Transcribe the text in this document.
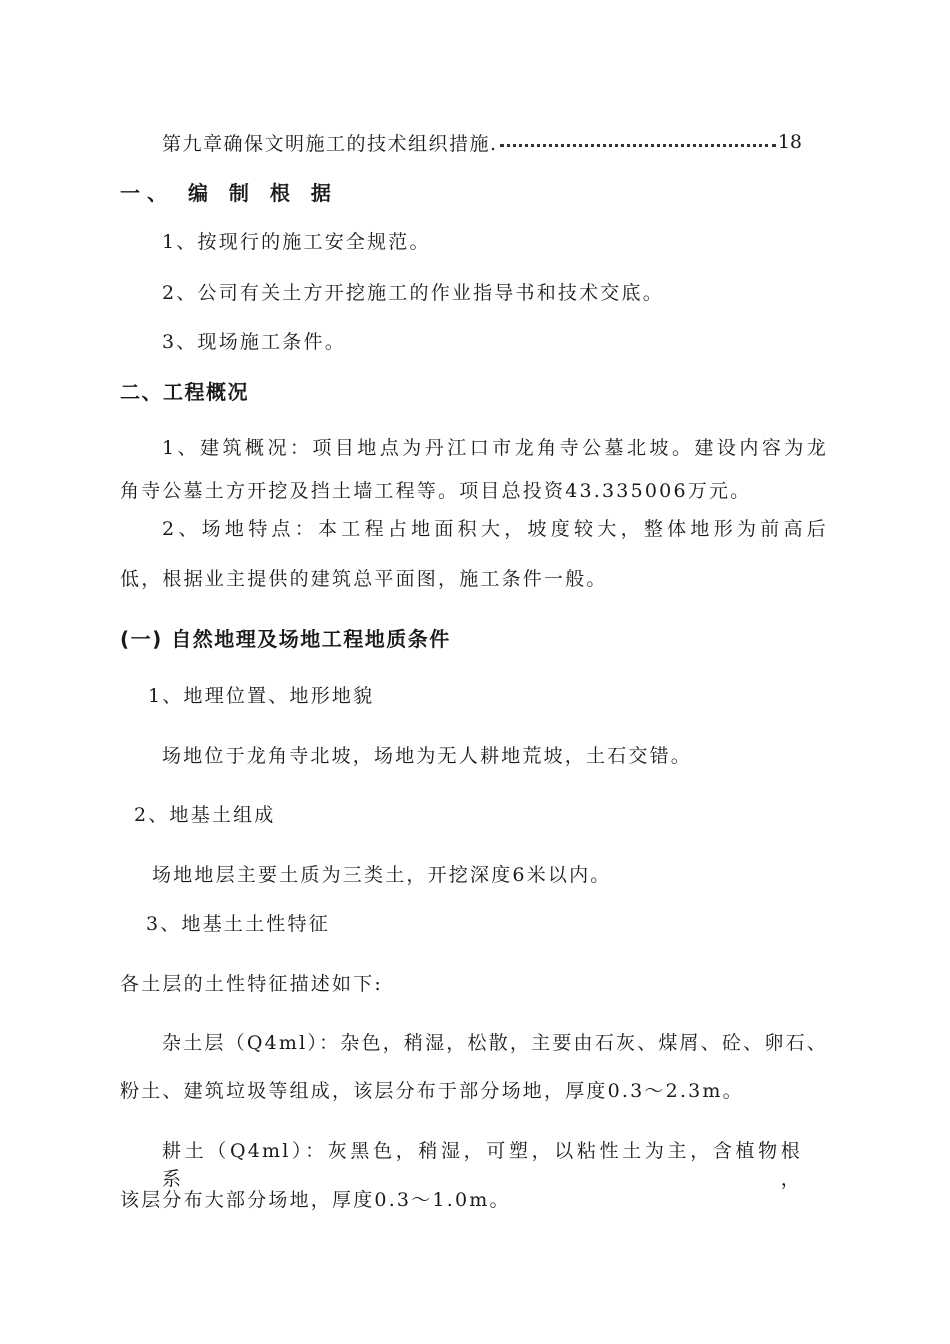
第九章确保文明施工的技术组织措施.	18

一、 编 制 根 据

1、按现行的施工安全规范。

2、公司有关土方开挖施工的作业指导书和技术交底。

3、现场施工条件。

二、工程概况

1、建筑概况：项目地点为丹江口市龙角寺公墓北坡。建设内容为龙

角寺公墓土方开挖及挡土墙工程等。项目总投资43.335006万元。

2、场地特点：本工程占地面积大，坡度较大，整体地形为前高后

低，根据业主提供的建筑总平面图，施工条件一般。

(一) 自然地理及场地工程地质条件

1、地理位置、地形地貌

场地位于龙角寺北坡，场地为无人耕地荒坡，土石交错。

2、地基土组成

场地地层主要土质为三类土，开挖深度6米以内。

3、地基土土性特征

各土层的土性特征描述如下:

杂土层（Q4ml）：杂色，稍湿，松散，主要由石灰、煤屑、砼、卵石、

粉土、建筑垃圾等组成，该层分布于部分场地，厚度0.3～2.3m。

耕土（Q4ml）：灰黑色，稍湿，可塑，以粘性土为主，含植物根系，

该层分布大部分场地，厚度0.3～1.0m。
